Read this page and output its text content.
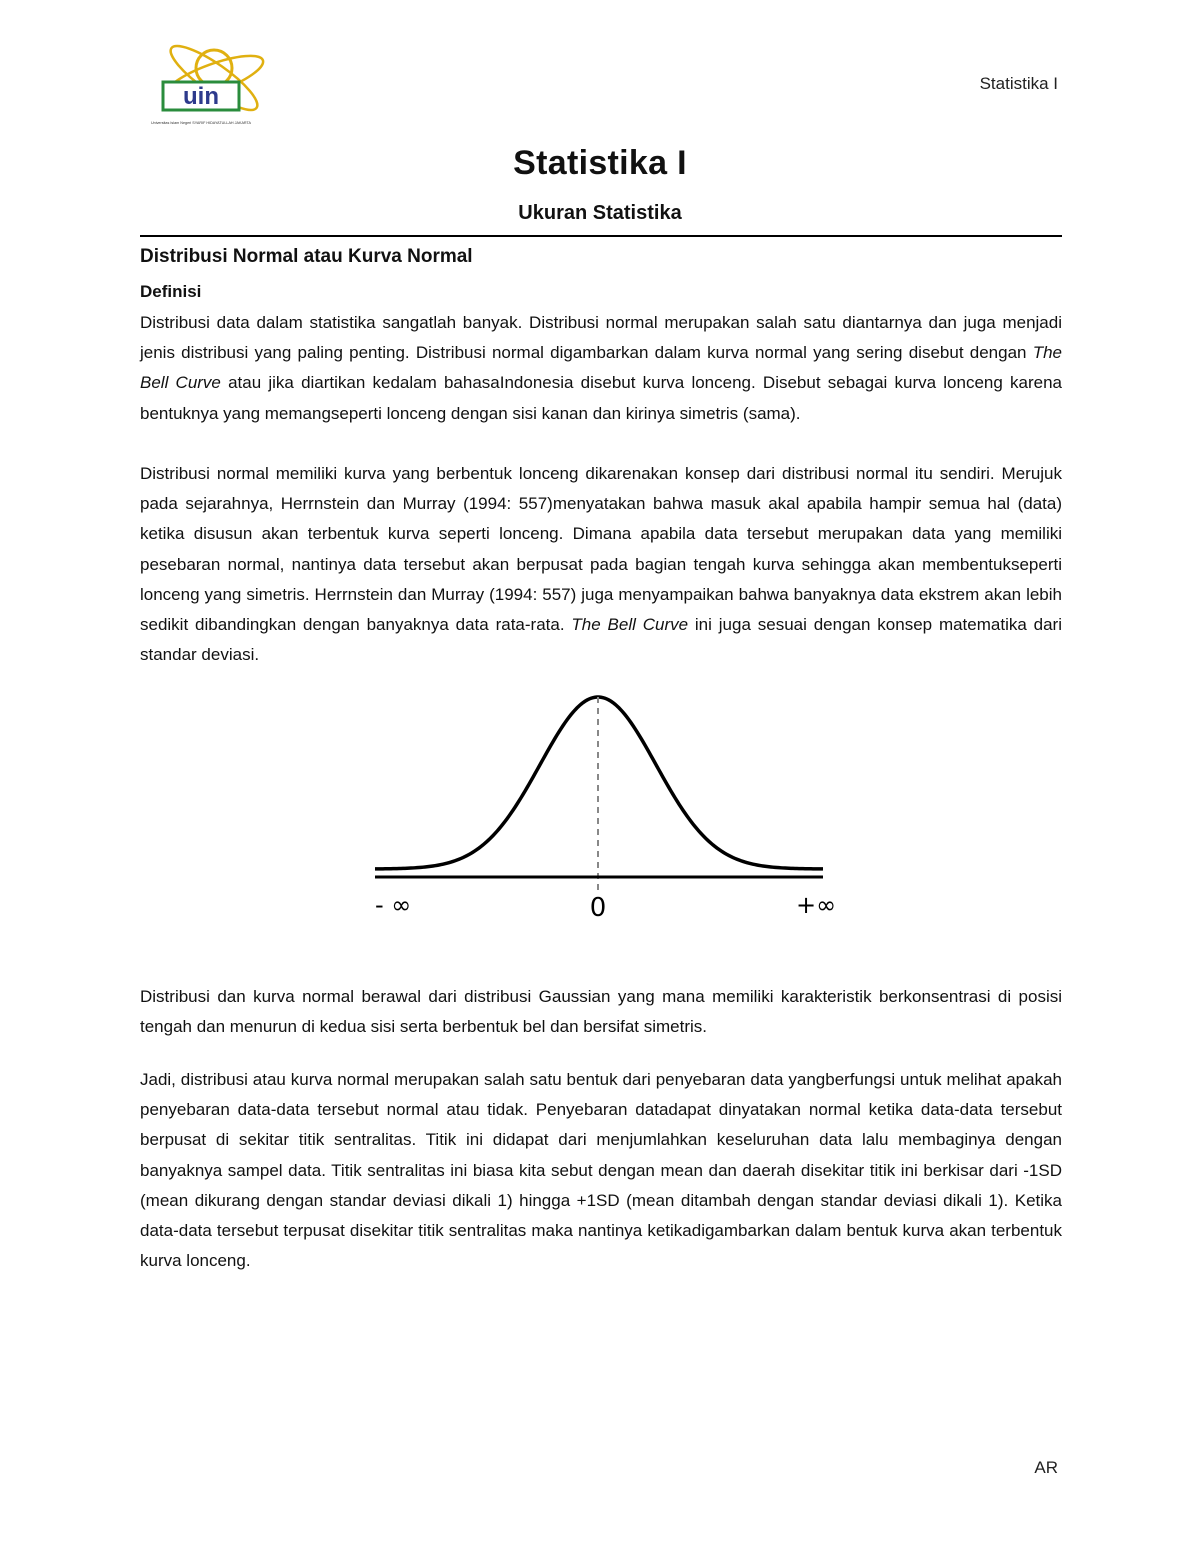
uin
Universitas Islam Negeri SYARIF HIDAYATULLAH JAKARTA
Statistika I
Statistika I
Ukuran Statistika
Distribusi Normal atau Kurva Normal
Definisi

Distribusi data dalam statistika sangatlah banyak. Distribusi normal merupakan salah satu diantarnya dan juga menjadi jenis distribusi yang paling penting. Distribusi normal digambarkan dalam kurva normal yang sering disebut dengan The Bell Curve atau jika diartikan kedalam bahasaIndonesia disebut kurva lonceng. Disebut sebagai kurva lonceng karena bentuknya yang memangseperti lonceng dengan sisi kanan dan kirinya simetris (sama).

Distribusi normal memiliki kurva yang berbentuk lonceng dikarenakan konsep dari distribusi normal itu sendiri. Merujuk pada sejarahnya, Herrnstein dan Murray (1994: 557)menyatakan bahwa masuk akal apabila hampir semua hal (data) ketika disusun akan terbentuk kurva seperti lonceng. Dimana apabila data tersebut merupakan data yang memiliki pesebaran normal, nantinya data tersebut akan berpusat pada bagian tengah kurva sehingga akan membentukseperti lonceng yang simetris. Herrnstein dan Murray (1994: 557) juga menyampaikan bahwa banyaknya data ekstrem akan lebih sedikit dibandingkan dengan banyaknya data rata-rata. The Bell Curve ini juga sesuai dengan konsep matematika dari standar deviasi.

- ∞	0	+∞

Distribusi dan kurva normal berawal dari distribusi Gaussian yang mana memiliki karakteristik berkonsentrasi di posisi tengah dan menurun di kedua sisi serta berbentuk bel dan bersifat simetris.

Jadi, distribusi atau kurva normal merupakan salah satu bentuk dari penyebaran data yangberfungsi untuk melihat apakah penyebaran data-data tersebut normal atau tidak. Penyebaran datadapat dinyatakan normal ketika data-data tersebut berpusat di sekitar titik sentralitas. Titik ini didapat dari menjumlahkan keseluruhan data lalu membaginya dengan banyaknya sampel data. Titik sentralitas ini biasa kita sebut dengan mean dan daerah disekitar titik ini berkisar dari -1SD (mean dikurang dengan standar deviasi dikali 1) hingga +1SD (mean ditambah dengan standar deviasi dikali 1). Ketika data-data tersebut terpusat disekitar titik sentralitas maka nantinya ketikadigambarkan dalam bentuk kurva akan terbentuk kurva lonceng.

AR
